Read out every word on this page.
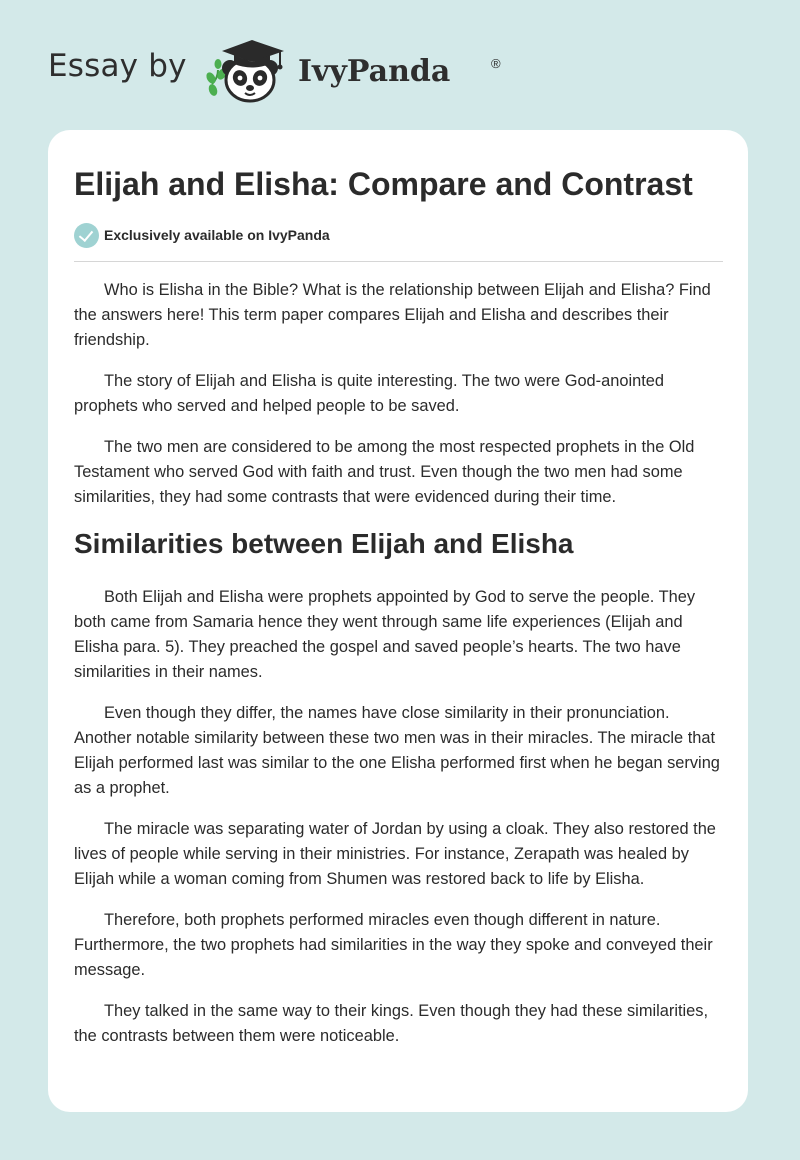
Essay by	IvyPanda	®
Elijah and Elisha: Compare and Contrast
Exclusively available on IvyPanda

Who is Elisha in the Bible? What is the relationship between Elijah and Elisha? Find the answers here! This term paper compares Elijah and Elisha and describes their friendship.

The story of Elijah and Elisha is quite interesting. The two were God-anointed prophets who served and helped people to be saved.

The two men are considered to be among the most respected prophets in the Old Testament who served God with faith and trust. Even though the two men had some similarities, they had some contrasts that were evidenced during their time.

Similarities between Elijah and Elisha

Both Elijah and Elisha were prophets appointed by God to serve the people. They both came from Samaria hence they went through same life experiences (Elijah and Elisha para. 5). They preached the gospel and saved people’s hearts. The two have similarities in their names.

Even though they differ, the names have close similarity in their pronunciation. Another notable similarity between these two men was in their miracles. The miracle that Elijah performed last was similar to the one Elisha performed first when he began serving as a prophet.

The miracle was separating water of Jordan by using a cloak. They also restored the lives of people while serving in their ministries. For instance, Zerapath was healed by Elijah while a woman coming from Shumen was restored back to life by Elisha.

Therefore, both prophets performed miracles even though different in nature. Furthermore, the two prophets had similarities in the way they spoke and conveyed their message.

They talked in the same way to their kings. Even though they had these similarities, the contrasts between them were noticeable.
